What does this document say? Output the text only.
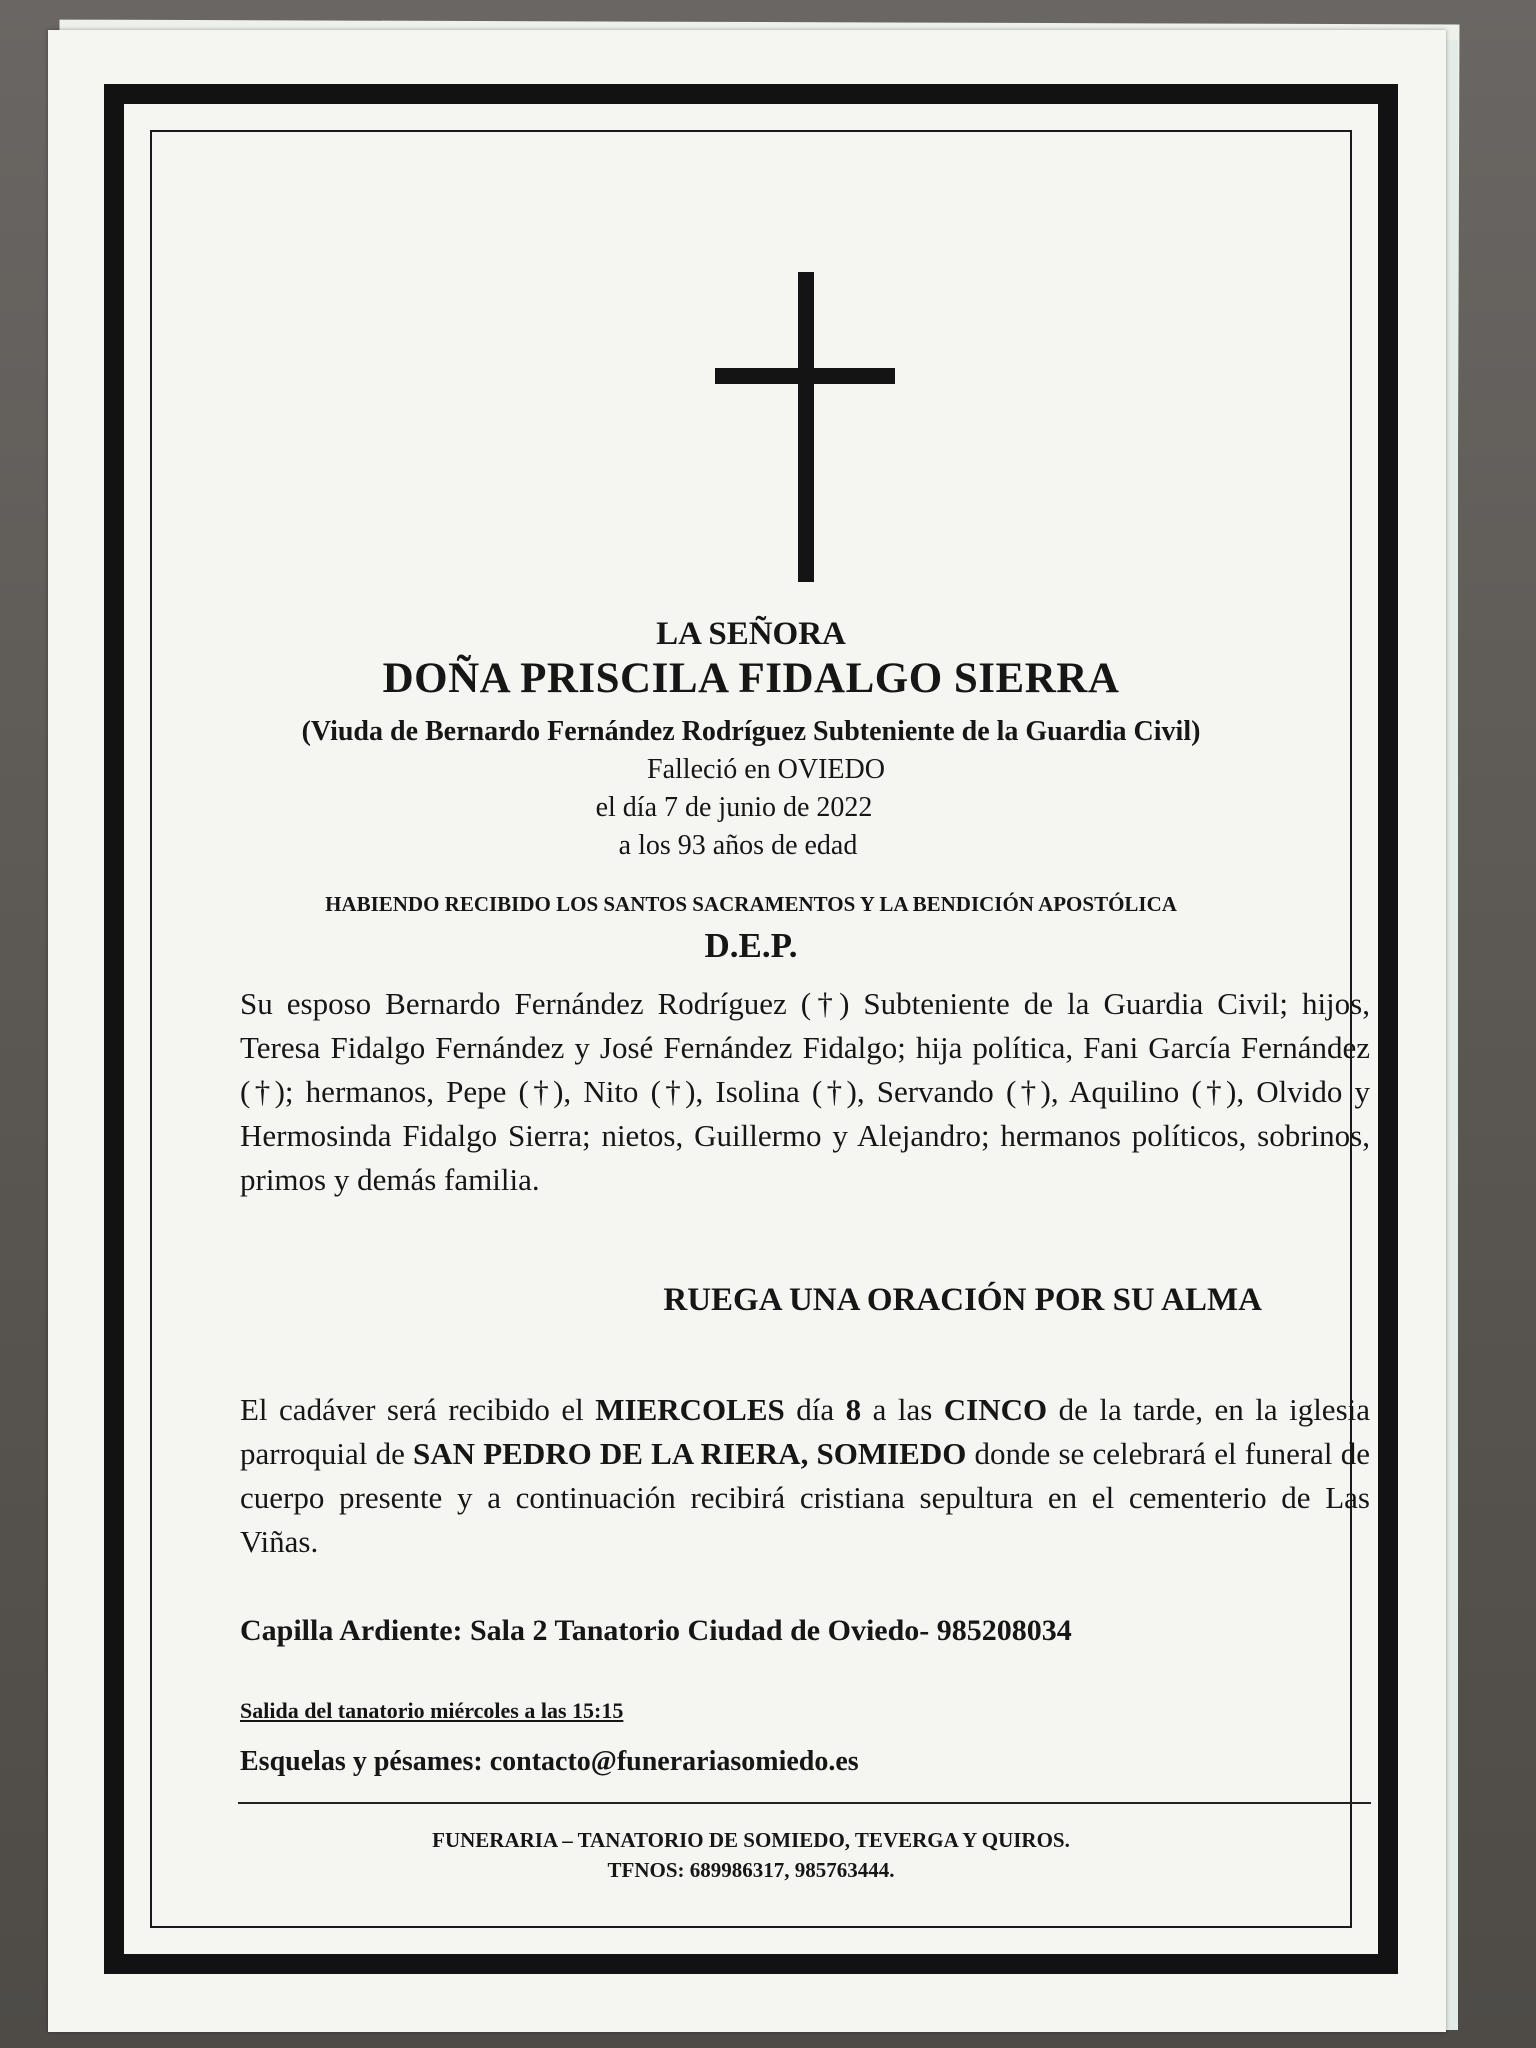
LA SEÑORA
DOÑA PRISCILA FIDALGO SIERRA
(Viuda de Bernardo Fernández Rodríguez Subteniente de la Guardia Civil)
Falleció en OVIEDO
el día 7 de junio de 2022
a los 93 años de edad
HABIENDO RECIBIDO LOS SANTOS SACRAMENTOS Y LA BENDICIÓN APOSTÓLICA
D.E.P.
Su esposo Bernardo Fernández Rodríguez (†) Subteniente de la Guardia Civil; hijos, Teresa Fidalgo Fernández y José Fernández Fidalgo; hija política, Fani García Fernández (†); hermanos, Pepe (†), Nito (†), Isolina (†), Servando (†), Aquilino (†), Olvido y Hermosinda Fidalgo Sierra; nietos, Guillermo y Alejandro; hermanos políticos, sobrinos, primos y demás familia.
RUEGA UNA ORACIÓN POR SU ALMA
El cadáver será recibido el MIERCOLES día 8 a las CINCO de la tarde, en la iglesia parroquial de SAN PEDRO DE LA RIERA, SOMIEDO donde se celebrará el funeral de cuerpo presente y a continuación recibirá cristiana sepultura en el cementerio de Las Viñas.
Capilla Ardiente: Sala 2 Tanatorio Ciudad de Oviedo- 985208034
Salida del tanatorio miércoles a las 15:15
Esquelas y pésames: contacto@funerariasomiedo.es
FUNERARIA – TANATORIO DE SOMIEDO, TEVERGA Y QUIROS.
TFNOS: 689986317, 985763444.
